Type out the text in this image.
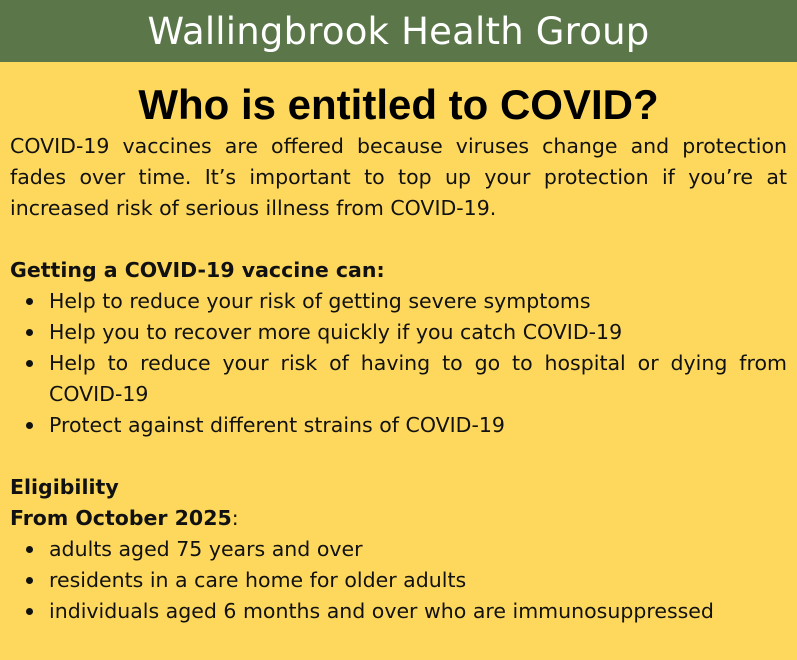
Wallingbrook Health Group
Who is entitled to COVID?

COVID-19 vaccines are offered because viruses change and protection fades over time. It’s important to top up your protection if you’re at increased risk of serious illness from COVID-19.

Getting a COVID-19 vaccine can:

Help to reduce your risk of getting severe symptoms
Help you to recover more quickly if you catch COVID-19
Help to reduce your risk of having to go to hospital or dying from COVID-19
Protect against different strains of COVID-19

Eligibility

From October 2025:

adults aged 75 years and over
residents in a care home for older adults
individuals aged 6 months and over who are immunosuppressed
